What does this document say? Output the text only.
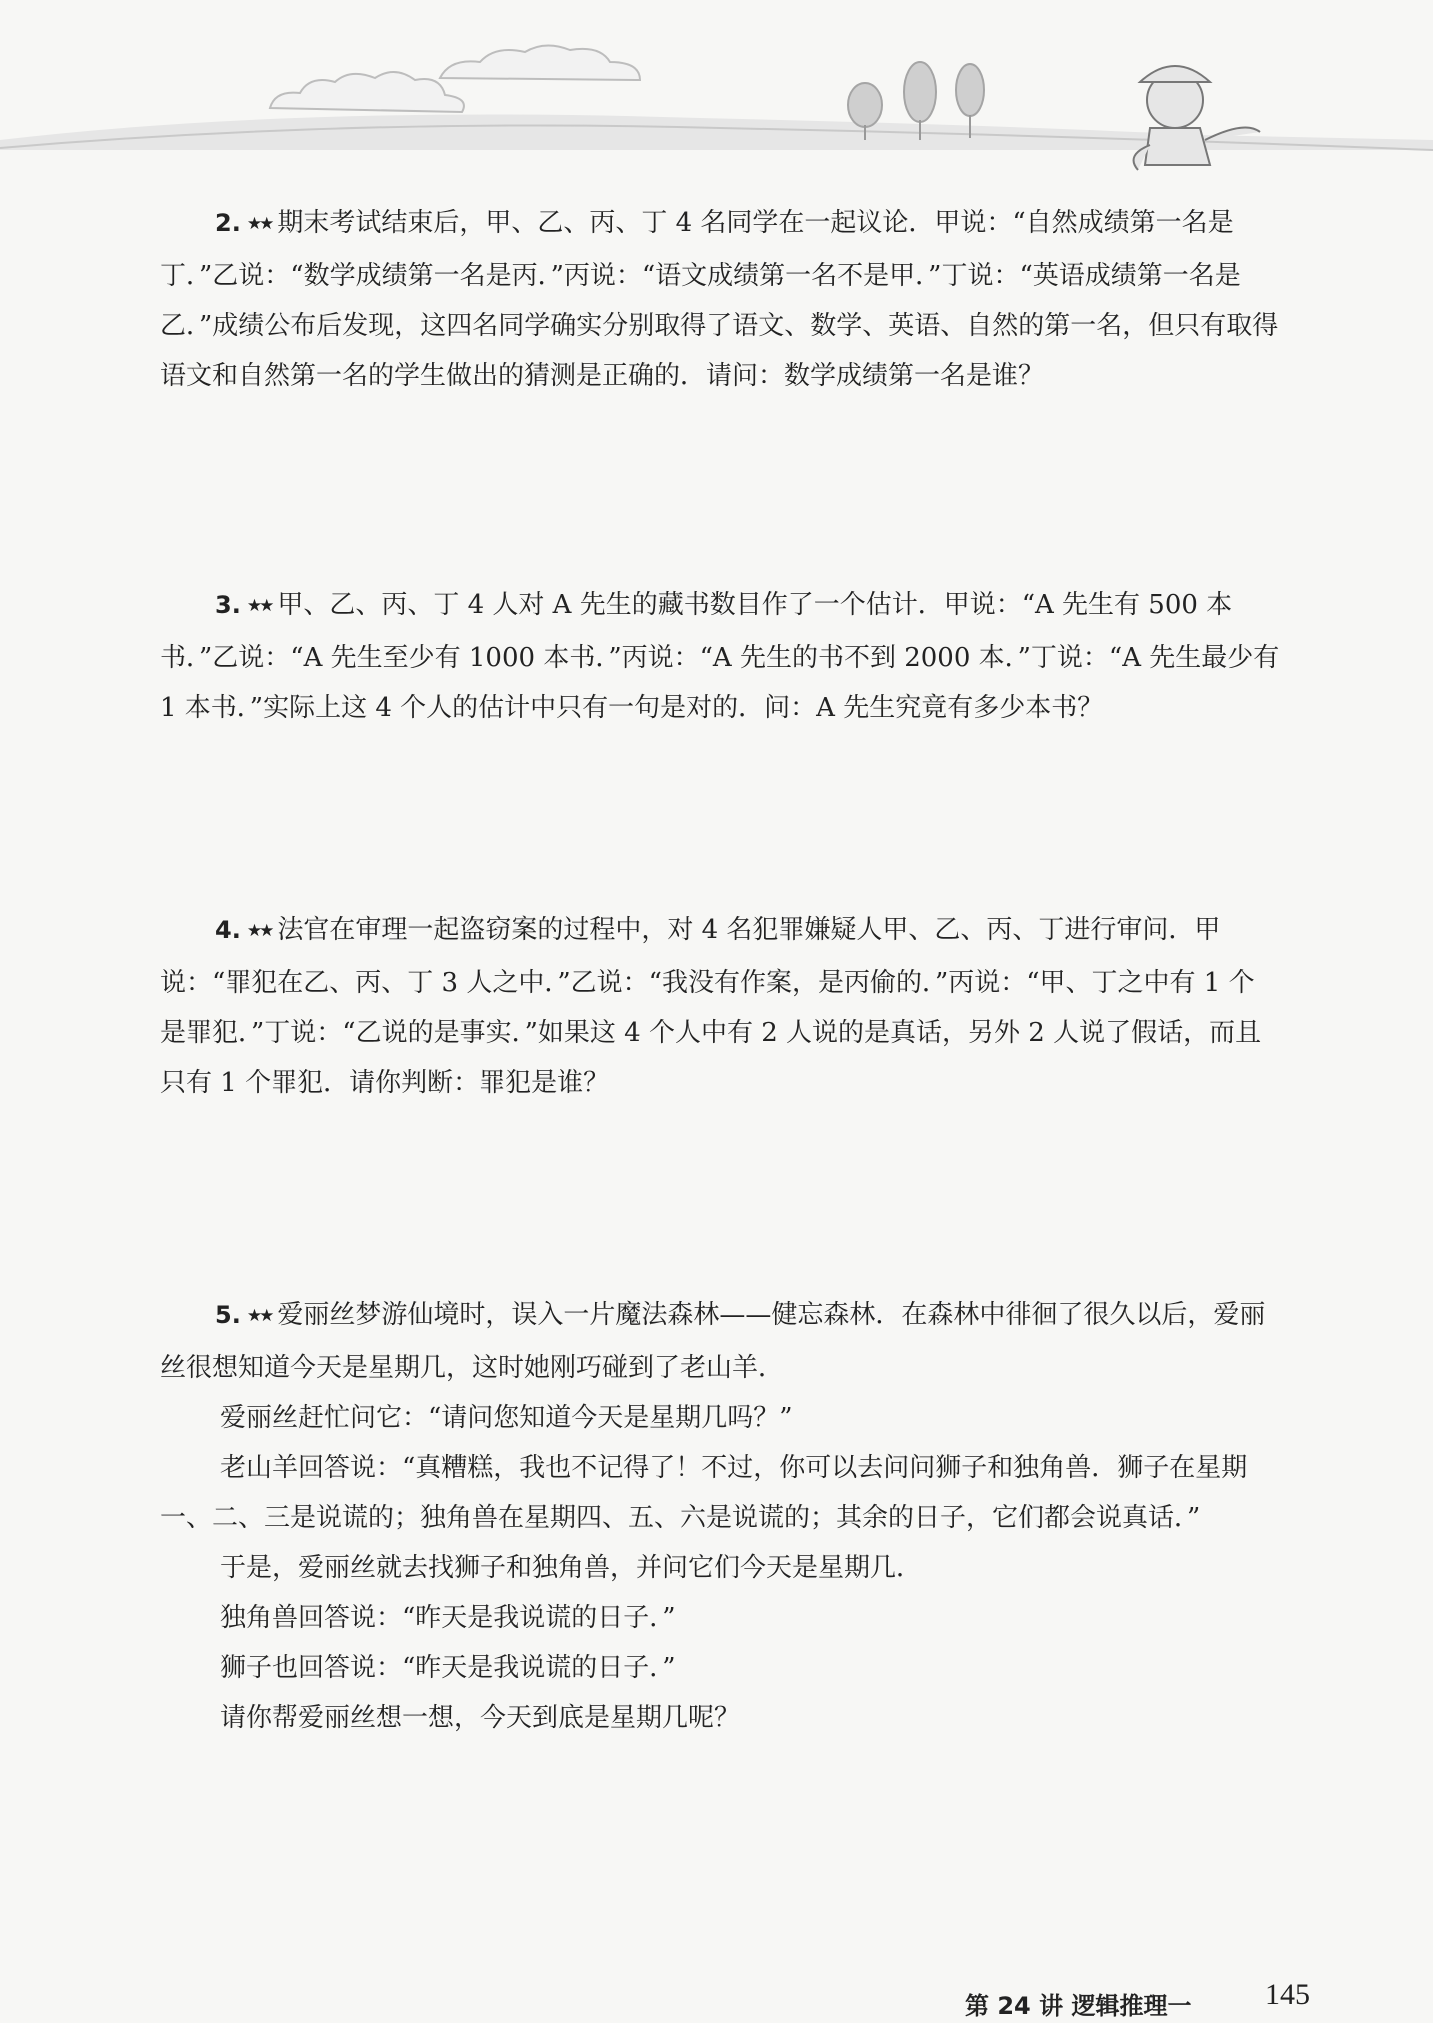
2. ★★ 期末考试结束后，甲、乙、丙、丁 4 名同学在一起议论．甲说：“自然成绩第一名是丁．”乙说：“数学成绩第一名是丙．”丙说：“语文成绩第一名不是甲．”丁说：“英语成绩第一名是乙．”成绩公布后发现，这四名同学确实分别取得了语文、数学、英语、自然的第一名，但只有取得语文和自然第一名的学生做出的猜测是正确的．请问：数学成绩第一名是谁？

3. ★★ 甲、乙、丙、丁 4 人对 A 先生的藏书数目作了一个估计．甲说：“A 先生有 500 本书．”乙说：“A 先生至少有 1000 本书．”丙说：“A 先生的书不到 2000 本．”丁说：“A 先生最少有 1 本书．”实际上这 4 个人的估计中只有一句是对的．问：A 先生究竟有多少本书？

4. ★★ 法官在审理一起盗窃案的过程中，对 4 名犯罪嫌疑人甲、乙、丙、丁进行审问．甲说：“罪犯在乙、丙、丁 3 人之中．”乙说：“我没有作案，是丙偷的．”丙说：“甲、丁之中有 1 个是罪犯．”丁说：“乙说的是事实．”如果这 4 个人中有 2 人说的是真话，另外 2 人说了假话，而且只有 1 个罪犯．请你判断：罪犯是谁？

5. ★★ 爱丽丝梦游仙境时，误入一片魔法森林——健忘森林．在森林中徘徊了很久以后，爱丽丝很想知道今天是星期几，这时她刚巧碰到了老山羊．

爱丽丝赶忙问它：“请问您知道今天是星期几吗？”

老山羊回答说：“真糟糕，我也不记得了！不过，你可以去问问狮子和独角兽．狮子在星期一、二、三是说谎的；独角兽在星期四、五、六是说谎的；其余的日子，它们都会说真话．”

于是，爱丽丝就去找狮子和独角兽，并问它们今天是星期几．

独角兽回答说：“昨天是我说谎的日子．”

狮子也回答说：“昨天是我说谎的日子．”

请你帮爱丽丝想一想，今天到底是星期几呢？

第 24 讲 逻辑推理一 145
